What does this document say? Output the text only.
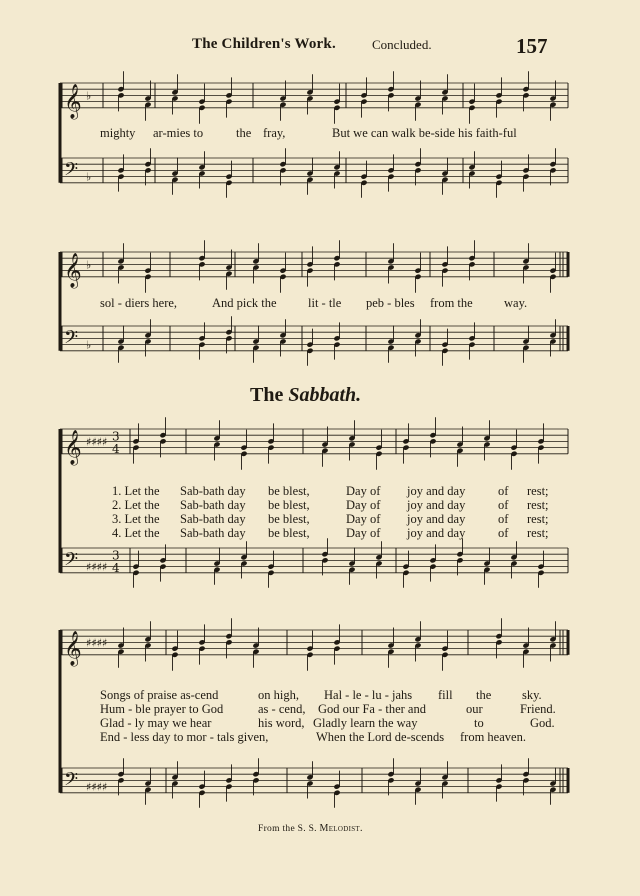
The Children's Work.	Concluded.	157
𝄞
𝄢
♭
♭
𝄞
𝄢
♭
♭
𝄞
𝄢
♯♯♯♯
♯♯♯♯
3
4
3
4
𝄞
𝄢
♯♯♯♯
♯♯♯♯
mighty ar-mies to	the fray,	But we can walk be-side his faith-ful
sol - diers here,	And pick the	lit - tle peb - bles from the	way.
The Sabbath.
1. Let the Sab-bath day be blest,	Day of joy and day	of rest;
2. Let the Sab-bath day be blest,	Day of joy and day	of rest;
3. Let the Sab-bath day be blest,	Day of joy and day	of rest;
4. Let the Sab-bath day be blest,	Day of joy and day	of rest;
Songs of praise as-cend	on high, Hal - le - lu - jahs fill the sky.
Hum - ble prayer to God	as - cend, God our Fa - ther and	our	Friend.
Glad - ly may we hear	his word, Gladly learn the way	to	God.
End - less day to mor - tals given,	When the Lord de-scends from heaven.
From the S. S. Melodist.
